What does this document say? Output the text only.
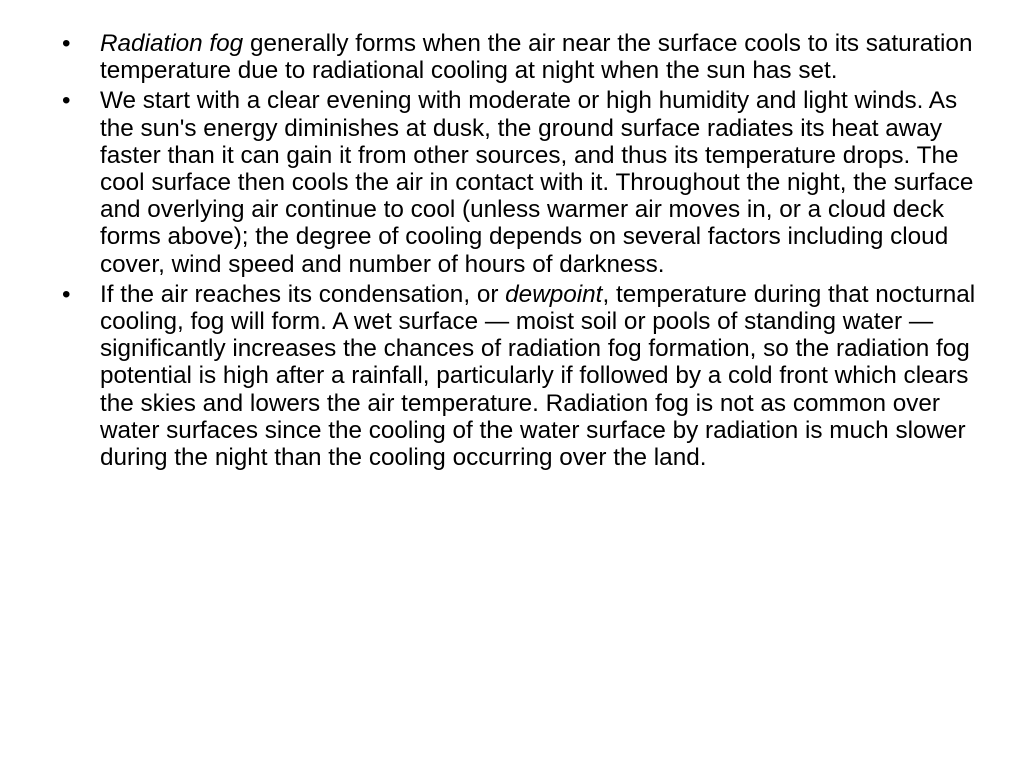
•	Radiation fog generally forms when the air near the surface cools to its saturation temperature due to radiational cooling at night when the sun has set.
•	We start with a clear evening with moderate or high humidity and light winds. As the sun's energy diminishes at dusk, the ground surface radiates its heat away faster than it can gain it from other sources, and thus its temperature drops. The cool surface then cools the air in contact with it. Throughout the night, the surface and overlying air continue to cool (unless warmer air moves in, or a cloud deck forms above); the degree of cooling depends on several factors including cloud cover, wind speed and number of hours of darkness.
•	If the air reaches its condensation, or dewpoint, temperature during that nocturnal cooling, fog will form. A wet surface — moist soil or pools of standing water — significantly increases the chances of radiation fog formation, so the radiation fog potential is high after a rainfall, particularly if followed by a cold front which clears the skies and lowers the air temperature. Radiation fog is not as common over water surfaces since the cooling of the water surface by radiation is much slower during the night than the cooling occurring over the land.
